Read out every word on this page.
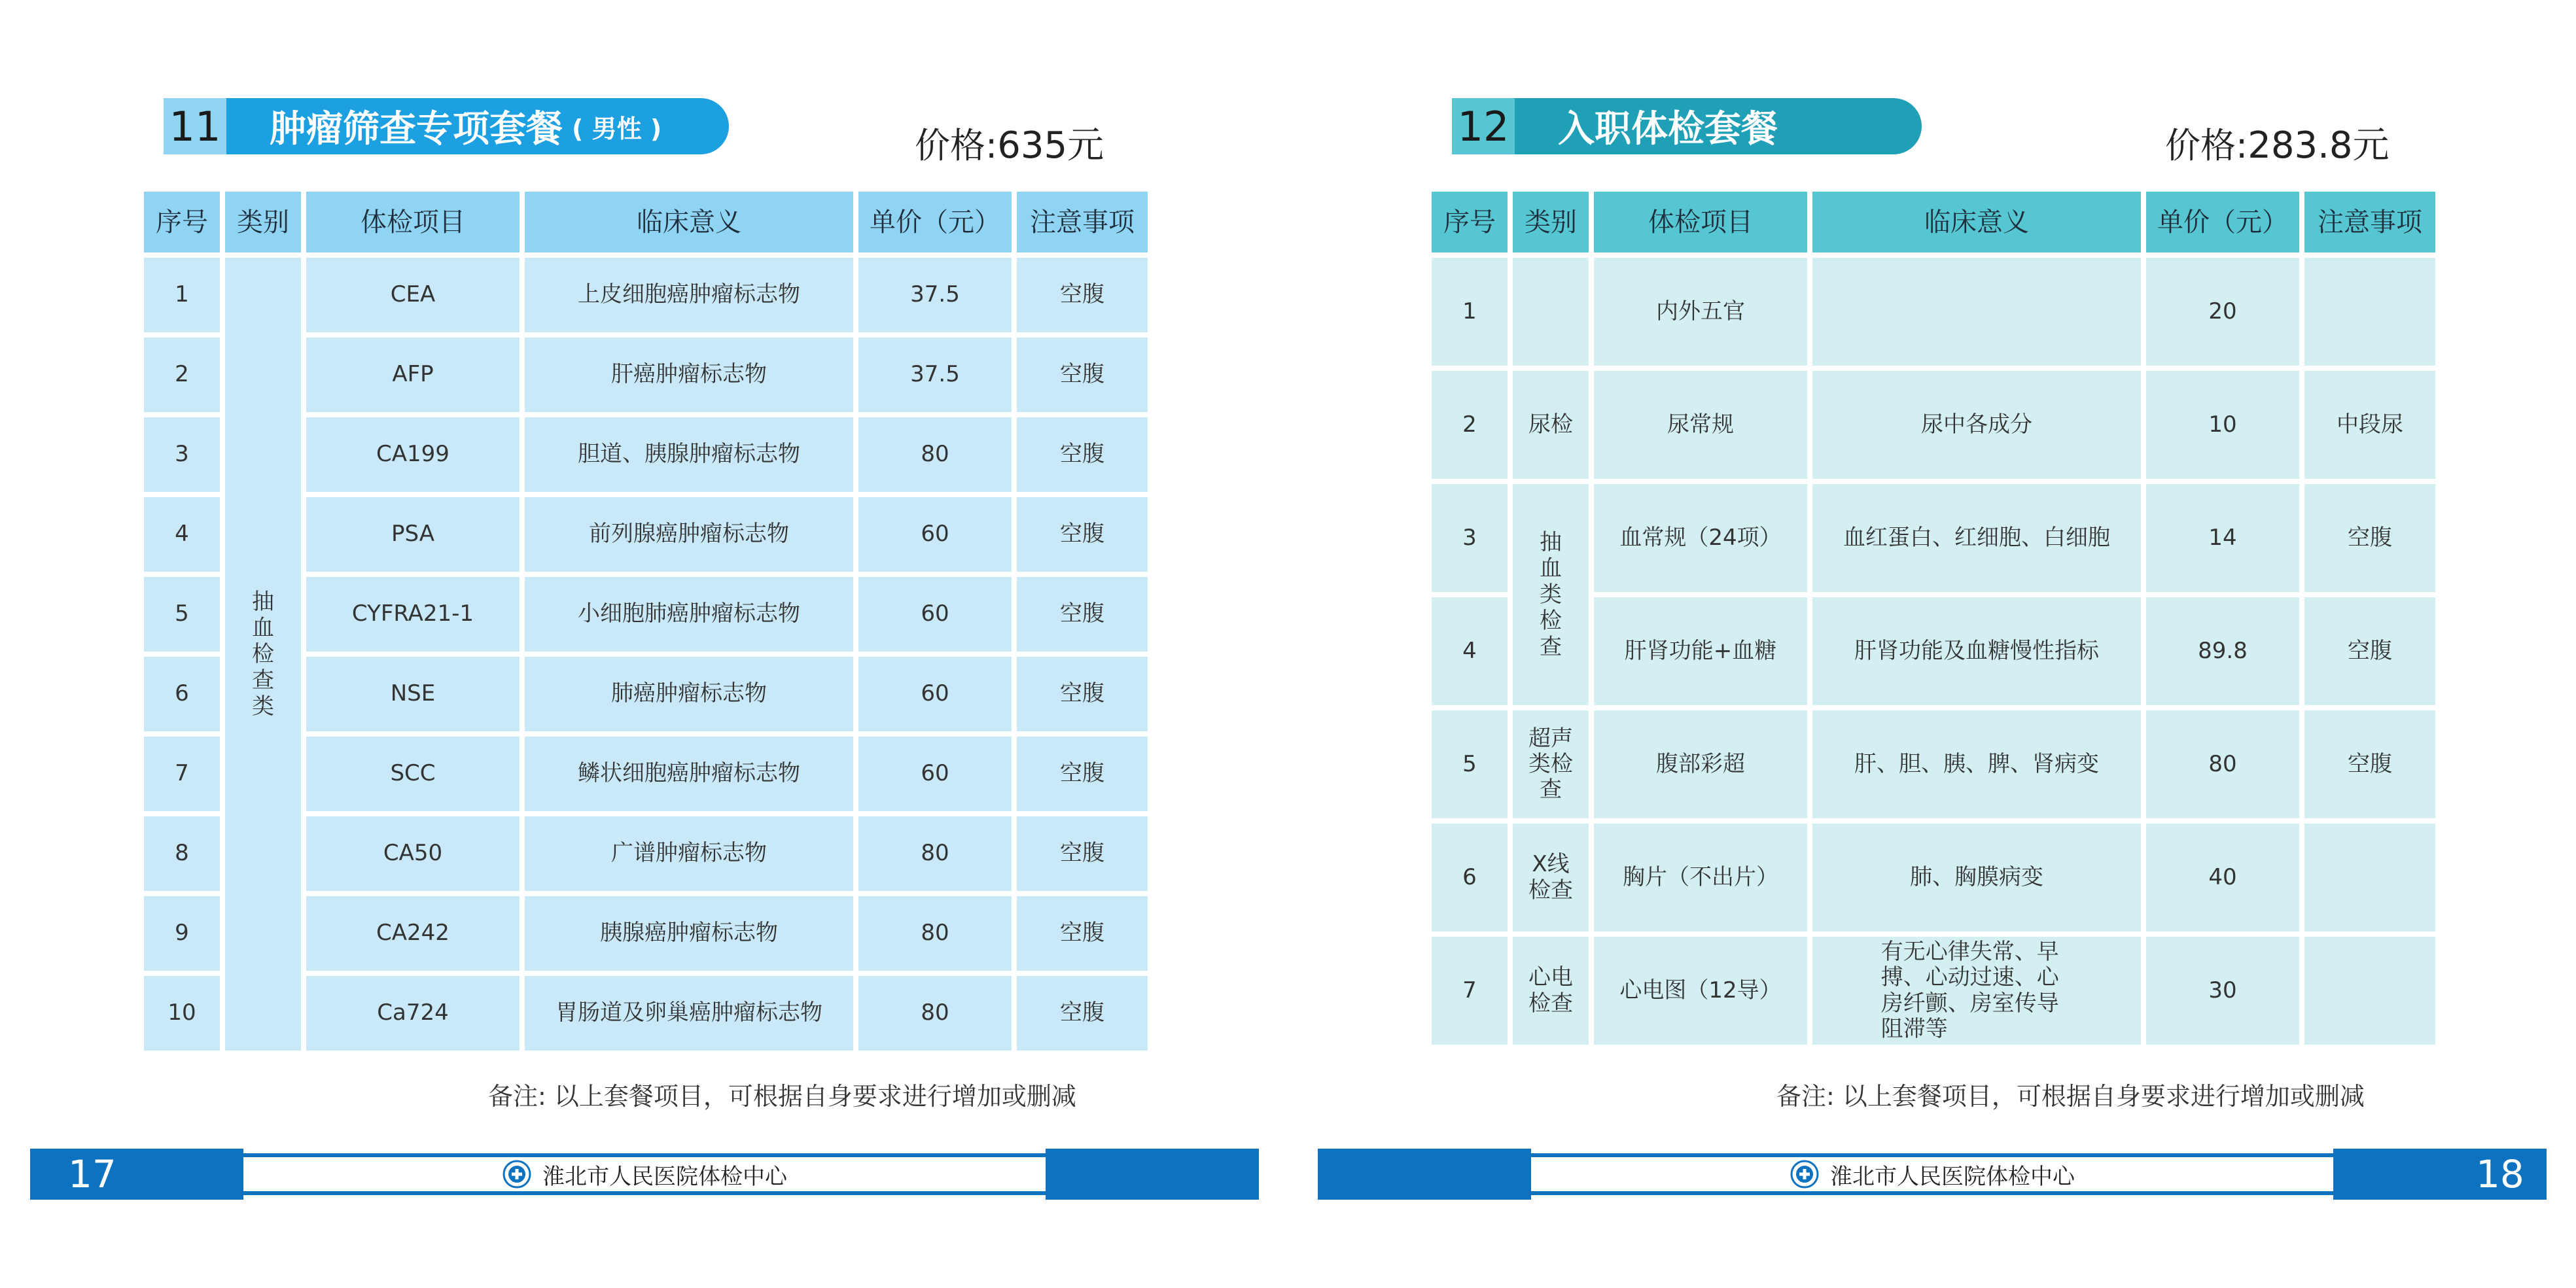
11 肿瘤筛查专项套餐 ( 男性 )	价格:635元
序号	类别	体检项目	临床意义	单价（元）	注意事项
1	抽血检查类	CEA	上皮细胞癌肿瘤标志物	37.5	空腹
2		AFP	肝癌肿瘤标志物	37.5	空腹
3		CA199	胆道、胰腺肿瘤标志物	80	空腹
4		PSA	前列腺癌肿瘤标志物	60	空腹
5		CYFRA21-1	小细胞肺癌肿瘤标志物	60	空腹
6		NSE	肺癌肿瘤标志物	60	空腹
7		SCC	鳞状细胞癌肿瘤标志物	60	空腹
8		CA50	广谱肿瘤标志物	80	空腹
9		CA242	胰腺癌肿瘤标志物	80	空腹
10		Ca724	胃肠道及卵巢癌肿瘤标志物	80	空腹
备注: 以上套餐项目，可根据自身要求进行增加或删减
17	淮北市人民医院体检中心
12 入职体检套餐	价格:283.8元
序号	类别	体检项目	临床意义	单价（元）	注意事项
1		内外五官		20	
2	尿检	尿常规	尿中各成分	10	中段尿
3	抽血类检查	血常规（24项）	血红蛋白、红细胞、白细胞	14	空腹
4		肝肾功能+血糖	肝肾功能及血糖慢性指标	89.8	空腹
5	超声类检查	腹部彩超	肝、胆、胰、脾、肾病变	80	空腹
6	X线检查	胸片（不出片）	肺、胸膜病变	40	
7	心电检查	心电图（12导）	有无心律失常、早搏、心动过速、心房纤颤、房室传导阻滞等	30	
备注: 以上套餐项目，可根据自身要求进行增加或删减
淮北市人民医院体检中心	18
